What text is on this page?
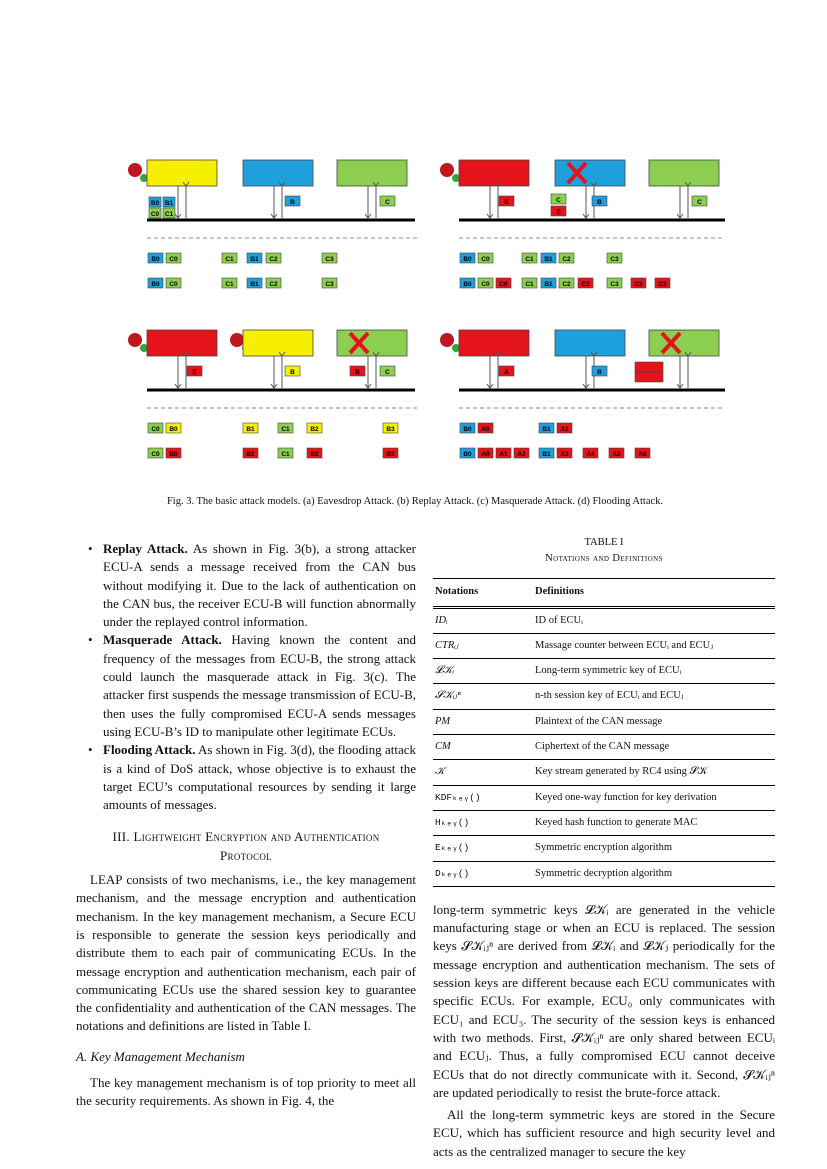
B0 B1
C0 C1
B	C
B0 C0	C1	B1 C2	C3
B0 C0	C1	B1 C2	C3
E	C
E
B	C
B0 C0	C1 B1 C2	C3
B0 C0 C0	C1 B1 C2 C2	C3 C3 C3
E	B	B	C
C0 B0	B1	C1	B2	B3
C0 B0	B1	C1	B2	B3
A	B
B0 A0	B1 A1
B0 A0 A1 A2	B1 A3	A4	A5	A6
Fig. 3. The basic attack models. (a) Eavesdrop Attack. (b) Replay Attack. (c) Masquerade Attack. (d) Flooding Attack.
• Replay Attack. As shown in Fig. 3(b), a strong attacker ECU-A sends a message received from the CAN bus without modifying it. Due to the lack of authentication on the CAN bus, the receiver ECU-B will function abnormally under the replayed control information.
• Masquerade Attack. Having known the content and frequency of the messages from ECU-B, the strong attack could launch the masquerade attack in Fig. 3(c). The attacker first suspends the message transmission of ECU-B, then uses the fully compromised ECU-A sends messages using ECU-B’s ID to manipulate other legitimate ECUs.
• Flooding Attack. As shown in Fig. 3(d), the flooding attack is a kind of DoS attack, whose objective is to exhaust the target ECU’s computational resources by sending it large amounts of messages.
III. Lightweight Encryption and Authentication
Protocol

LEAP consists of two mechanisms, i.e., the key management mechanism, and the message encryption and authentication mechanism. In the key management mechanism, a Secure ECU is responsible to generate the session keys periodically and distribute them to each pair of communicating ECUs. In the message encryption and authentication mechanism, each pair of communicating ECUs use the shared session key to guarantee the confidentiality and authentication of the CAN messages. The notations and definitions are listed in Table I.

A. Key Management Mechanism

The key management mechanism is of top priority to meet all the security requirements. As shown in Fig. 4, the

TABLE I
Notations and Definitions
Notations	Definitions
IDᵢ	ID of ECUᵢ
CTRᵢⱼ	Massage counter between ECUᵢ and ECUⱼ
𝓛𝒦ᵢ	Long-term symmetric key of ECUᵢ
𝓢𝒦ᵢⱼⁿ	n-th session key of ECUᵢ and ECUⱼ
PM	Plaintext of the CAN message
CM	Ciphertext of the CAN message
𝒦	Key stream generated by RC4 using 𝓢𝒦
KDFₖₑᵧ()	Keyed one-way function for key derivation
Hₖₑᵧ()	Keyed hash function to generate MAC
Eₖₑᵧ()	Symmetric encryption algorithm
Dₖₑᵧ()	Symmetric decryption algorithm

long-term symmetric keys 𝓛𝒦ᵢ are generated in the vehicle manufacturing stage or when an ECU is replaced. The session keys 𝓢𝒦ᵢⱼⁿ are derived from 𝓛𝒦ᵢ and 𝓛𝒦ⱼ periodically for the message encryption and authentication mechanism. The sets of session keys are different because each ECU communicates with specific ECUs. For example, ECU₀ only communicates with ECU₁ and ECU₃. The security of the session keys is enhanced with two methods. First, 𝓢𝒦ᵢⱼⁿ are only shared between ECUᵢ and ECUⱼ. Thus, a fully compromised ECU cannot deceive ECUs that do not directly communicate with it. Second, 𝓢𝒦ᵢⱼⁿ are updated periodically to resist the brute-force attack.

All the long-term symmetric keys are stored in the Secure ECU, which has sufficient resource and high security level and acts as the centralized manager to secure the key
